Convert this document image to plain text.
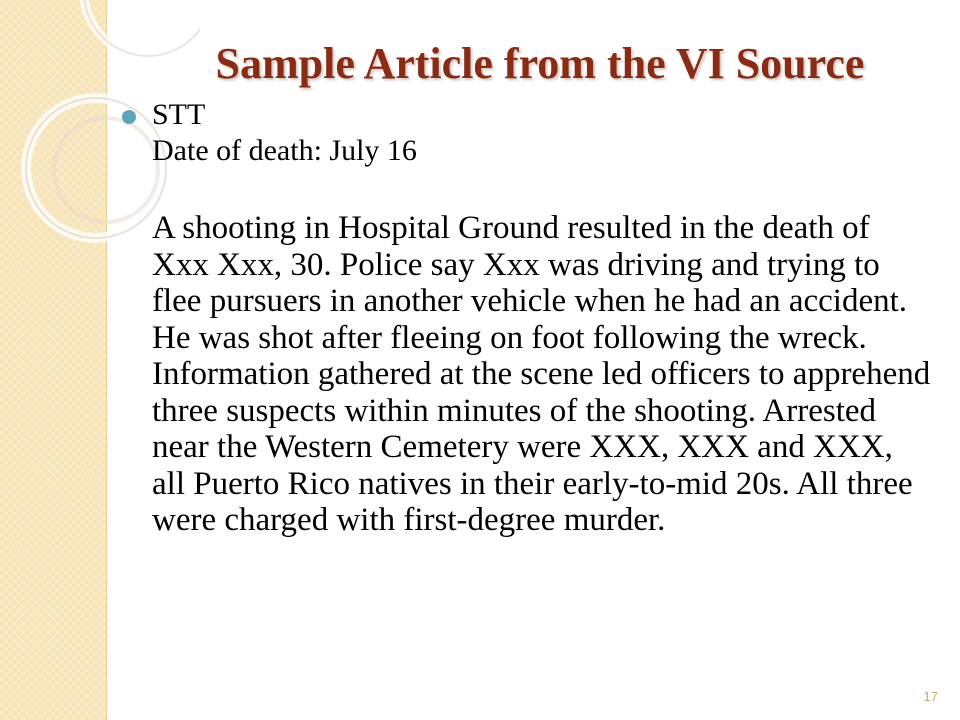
Sample Article from the VI Source
STT
Date of death: July 16

A shooting in Hospital Ground resulted in the death of Xxx Xxx, 30. Police say Xxx was driving and trying to flee pursuers in another vehicle when he had an accident. He was shot after fleeing on foot following the wreck. Information gathered at the scene led officers to apprehend three suspects within minutes of the shooting. Arrested near the Western Cemetery were XXX, XXX and XXX, all Puerto Rico natives in their early-to-mid 20s. All three were charged with first-degree murder.

17
